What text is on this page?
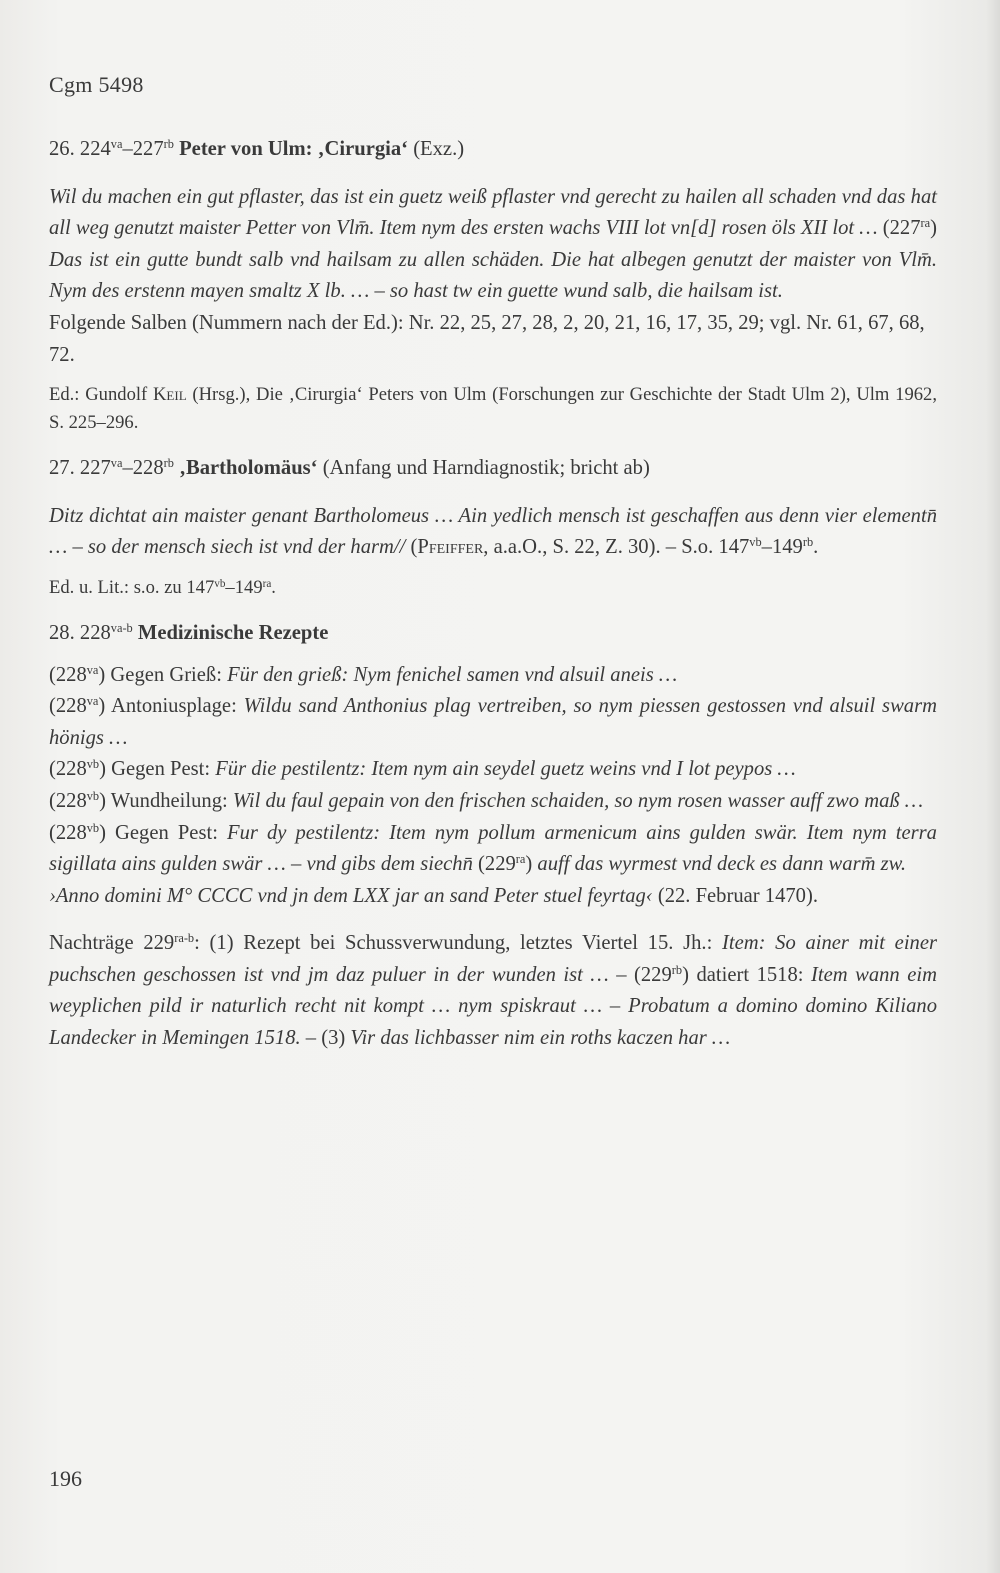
Cgm 5498

26. $224^{va}-227^{rb}$ Peter von Ulm: ‚Cirurgia‘ (Exz.)

Wil du machen ein gut pflaster, das ist ein guetz weiß pflaster vnd gerecht zu hailen all schaden vnd das hat all weg genutzt maister Petter von Vlm̄. Item nym des ersten wachs VIII lot vn[d] rosen öls XII lot … $(227^{ra})$ Das ist ein gutte bundt salb vnd hailsam zu allen schäden. Die hat albegen genutzt der maister von Vlm̄. Nym des erstenn mayen smaltz X lb. … – so hast tw ein guette wund salb, die hailsam ist.

Folgende Salben (Nummern nach der Ed.): Nr. 22, 25, 27, 28, 2, 20, 21, 16, 17, 35, 29; vgl. Nr. 61, 67, 68, 72.

Ed.: Gundolf Keil (Hrsg.), Die ‚Cirurgia‘ Peters von Ulm (Forschungen zur Geschichte der Stadt Ulm 2), Ulm 1962, S. 225–296.

27. $227^{va}-228^{rb}$ ‚Bartholomäus‘ (Anfang und Harndiagnostik; bricht ab)

Ditz dichtat ain maister genant Bartholomeus … Ain yedlich mensch ist geschaffen aus denn vier elementn̄ … – so der mensch siech ist vnd der harm// (Pfeiffer, a.a.O., S. 22, Z. 30). – S.o. $147^{vb}-149^{rb}$.

Ed. u. Lit.: s.o. zu $147^{vb}-149^{ra}$.

28. $228^{va-b}$ Medizinische Rezepte

$(228^{va})$ Gegen Grieß: Für den grieß: Nym fenichel samen vnd alsuil aneis …

$(228^{va})$ Antoniusplage: Wildu sand Anthonius plag vertreiben, so nym piessen gestossen vnd alsuil swarm hönigs …

$(228^{vb})$ Gegen Pest: Für die pestilentz: Item nym ain seydel guetz weins vnd I lot peypos …

$(228^{vb})$ Wundheilung: Wil du faul gepain von den frischen schaiden, so nym rosen wasser auff zwo maß …

$(228^{vb})$ Gegen Pest: Fur dy pestilentz: Item nym pollum armenicum ains gulden swär. Item nym terra sigillata ains gulden swär … – vnd gibs dem siechn̄ $(229^{ra})$ auff das wyrmest vnd deck es dann warm̄ zw.

›Anno domini M° CCCC vnd jn dem LXX jar an sand Peter stuel feyrtag‹ (22. Februar 1470).

Nachträge $229^{ra-b}$: (1) Rezept bei Schussverwundung, letztes Viertel 15. Jh.: Item: So ainer mit einer puchschen geschossen ist vnd jm daz puluer in der wunden ist … – $(229^{rb})$ datiert 1518: Item wann eim weyplichen pild ir naturlich recht nit kompt … nym spiskraut … – Probatum a domino domino Kiliano Landecker in Memingen 1518. – (3) Vir das lichbasser nim ein roths kaczen har …

196
